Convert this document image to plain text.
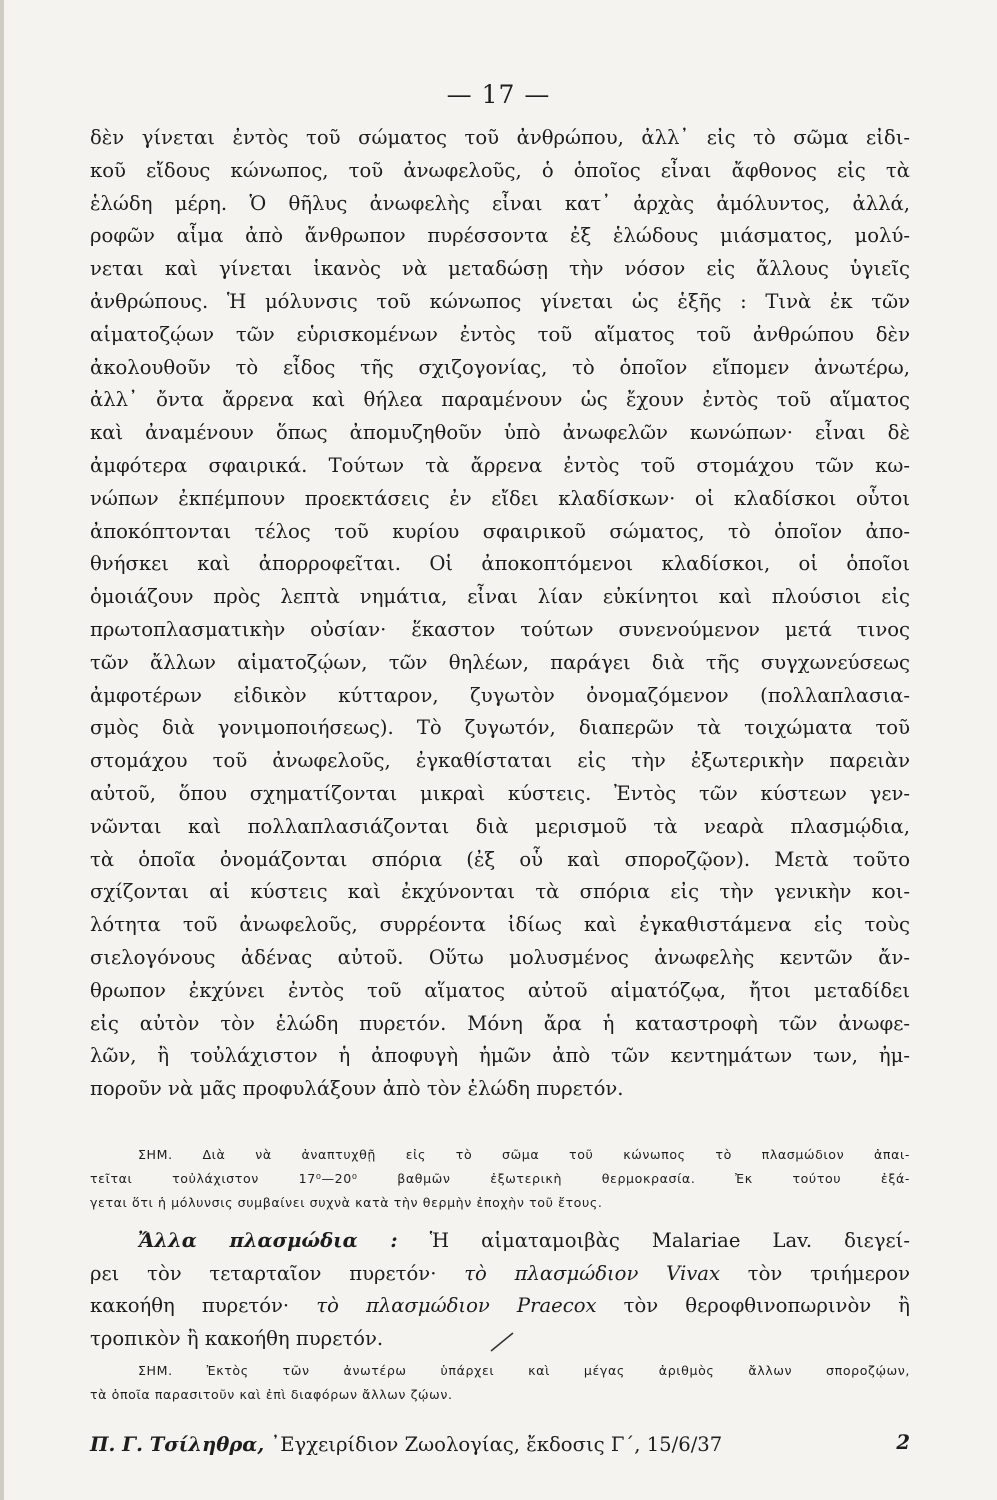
— 17 —
δὲν γίνεται ἐντὸς τοῦ σώματος τοῦ ἀνθρώπου, ἀλλ᾽ εἰς τὸ σῶμα εἰδι-
κοῦ εἴδους κώνωπος, τοῦ ἀνωφελοῦς, ὁ ὁποῖος εἶναι ἄφθονος εἰς τὰ
ἑλώδη μέρη. Ὁ θῆλυς ἀνωφελὴς εἶναι κατ᾽ ἀρχὰς ἀμόλυντος, ἀλλά,
ροφῶν αἷμα ἀπὸ ἄνθρωπον πυρέσσοντα ἐξ ἑλώδους μιάσματος, μολύ-
νεται καὶ γίνεται ἱκανὸς νὰ μεταδώσῃ τὴν νόσον εἰς ἄλλους ὑγιεῖς
ἀνθρώπους. Ἡ μόλυνσις τοῦ κώνωπος γίνεται ὡς ἑξῆς : Τινὰ ἐκ τῶν
αἱματοζῴων τῶν εὑρισκομένων ἐντὸς τοῦ αἵματος τοῦ ἀνθρώπου δὲν
ἀκολουθοῦν τὸ εἶδος τῆς σχιζογονίας, τὸ ὁποῖον εἴπομεν ἀνωτέρω,
ἀλλ᾽ ὄντα ἄρρενα καὶ θήλεα παραμένουν ὡς ἔχουν ἐντὸς τοῦ αἵματος
καὶ ἀναμένουν ὅπως ἀπομυζηθοῦν ὑπὸ ἀνωφελῶν κωνώπων· εἶναι δὲ
ἀμφότερα σφαιρικά. Τούτων τὰ ἄρρενα ἐντὸς τοῦ στομάχου τῶν κω-
νώπων ἐκπέμπουν προεκτάσεις ἐν εἴδει κλαδίσκων· οἱ κλαδίσκοι οὗτοι
ἀποκόπτονται τέλος τοῦ κυρίου σφαιρικοῦ σώματος, τὸ ὁποῖον ἀπο-
θνήσκει καὶ ἀπορροφεῖται. Οἱ ἀποκοπτόμενοι κλαδίσκοι, οἱ ὁποῖοι
ὁμοιάζουν πρὸς λεπτὰ νημάτια, εἶναι λίαν εὐκίνητοι καὶ πλούσιοι εἰς
πρωτοπλασματικὴν οὐσίαν· ἕκαστον τούτων συνενούμενον μετά τινος
τῶν ἄλλων αἱματοζῴων, τῶν θηλέων, παράγει διὰ τῆς συγχωνεύσεως
ἀμφοτέρων εἰδικὸν κύτταρον, ζυγωτὸν ὀνομαζόμενον (πολλαπλασια-
σμὸς διὰ γονιμοποιήσεως). Τὸ ζυγωτόν, διαπερῶν τὰ τοιχώματα τοῦ
στομάχου τοῦ ἀνωφελοῦς, ἐγκαθίσταται εἰς τὴν ἐξωτερικὴν παρειὰν
αὐτοῦ, ὅπου σχηματίζονται μικραὶ κύστεις. Ἐντὸς τῶν κύστεων γεν-
νῶνται καὶ πολλαπλασιάζονται διὰ μερισμοῦ τὰ νεαρὰ πλασμῴδια,
τὰ ὁποῖα ὀνομάζονται σπόρια (ἐξ οὗ καὶ σποροζῷον). Μετὰ τοῦτο
σχίζονται αἱ κύστεις καὶ ἐκχύνονται τὰ σπόρια εἰς τὴν γενικὴν κοι-
λότητα τοῦ ἀνωφελοῦς, συρρέοντα ἰδίως καὶ ἐγκαθιστάμενα εἰς τοὺς
σιελογόνους ἀδένας αὐτοῦ. Οὕτω μολυσμένος ἀνωφελὴς κεντῶν ἄν-
θρωπον ἐκχύνει ἐντὸς τοῦ αἵματος αὐτοῦ αἱματόζῳα, ἤτοι μεταδίδει
εἰς αὐτὸν τὸν ἑλώδη πυρετόν. Μόνη ἄρα ἡ καταστροφὴ τῶν ἀνωφε-
λῶν, ἢ τοὐλάχιστον ἡ ἀποφυγὴ ἡμῶν ἀπὸ τῶν κεντημάτων των, ἠμ-
ποροῦν νὰ μᾶς προφυλάξουν ἀπὸ τὸν ἑλώδη πυρετόν.
ΣΗΜ. Διὰ νὰ ἀναπτυχθῇ εἰς τὸ σῶμα τοῦ κώνωπος τὸ πλασμώδιον ἀπαι-
τεῖται τοὐλάχιστον 17⁰—20⁰ βαθμῶν ἐξωτερικὴ θερμοκρασία. Ἐκ τούτου ἐξά-
γεται ὅτι ἡ μόλυνσις συμβαίνει συχνὰ κατὰ τὴν θερμὴν ἐποχὴν τοῦ ἔτους.
Ἄλλα πλασμώδια : Ἡ αἱματαμοιβὰς Malariae Lav. διεγεί-
ρει τὸν τεταρταῖον πυρετόν· τὸ πλασμώδιον Vivax τὸν τριήμερον
κακοήθη πυρετόν· τὸ πλασμώδιον Praecox τὸν θεροφθινοπωρινὸν ἢ
τροπικὸν ἢ κακοήθη πυρετόν.
ΣΗΜ. Ἐκτὸς τῶν ἀνωτέρω ὑπάρχει καὶ μέγας ἀριθμὸς ἄλλων σποροζῴων,
τὰ ὁποῖα παρασιτοῦν καὶ ἐπὶ διαφόρων ἄλλων ζῴων.
Π. Γ. Τσίληθρα, ᾽Εγχειρίδιον Ζωολογίας, ἔκδοσις Γ΄, 15/6/37	2
